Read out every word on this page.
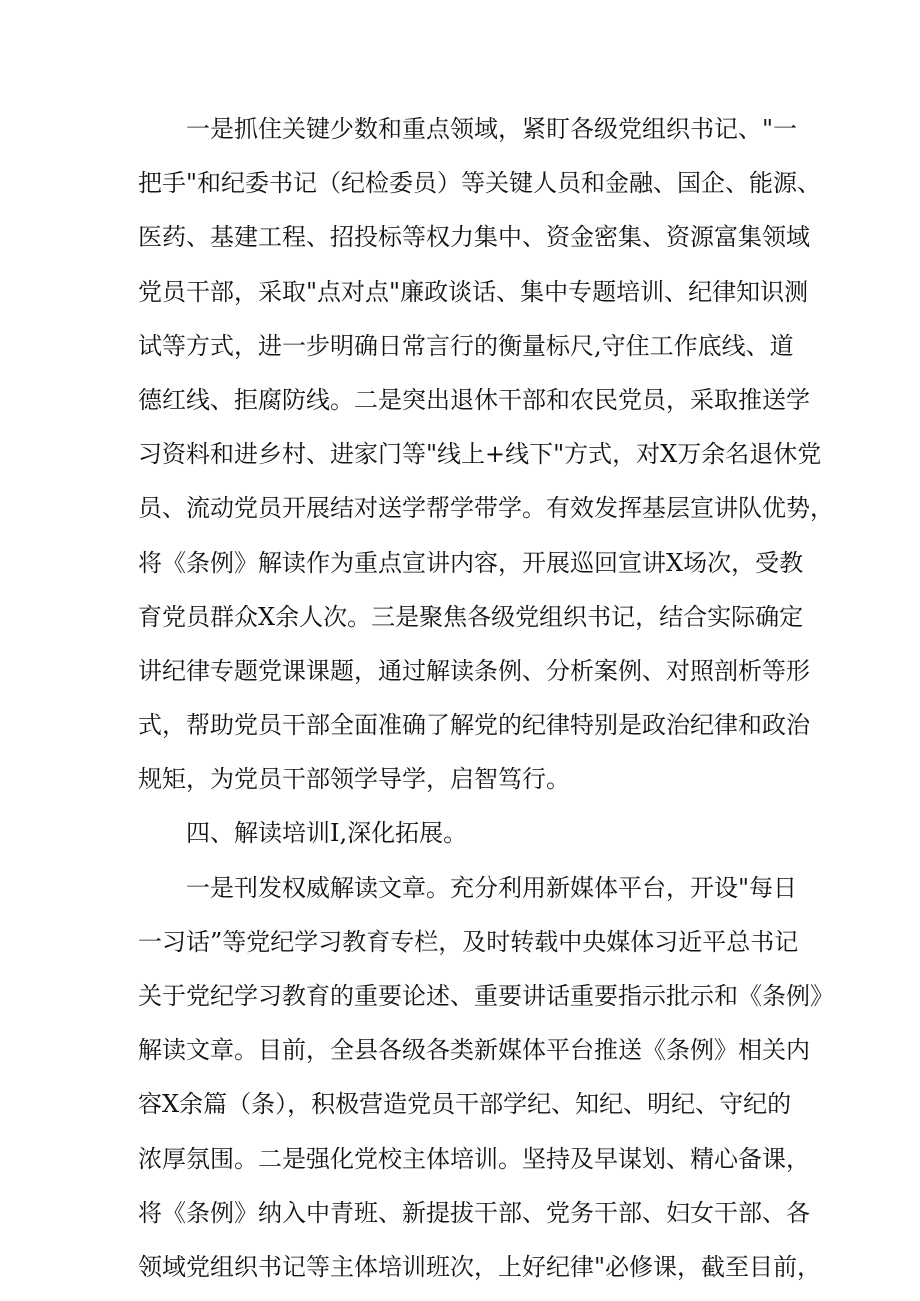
一是抓住关键少数和重点领域，紧盯各级党组织书记、"一
把手"和纪委书记（纪检委员）等关键人员和金融、国企、能源、
医药、基建工程、招投标等权力集中、资金密集、资源富集领域
党员干部，采取"点对点"廉政谈话、集中专题培训、纪律知识测
试等方式，进一步明确日常言行的衡量标尺,守住工作底线、道
德红线、拒腐防线。二是突出退休干部和农民党员，采取推送学
习资料和进乡村、进家门等"线上+线下"方式，对X万余名退休党
员、流动党员开展结对送学帮学带学。有效发挥基层宣讲队优势，
将《条例》解读作为重点宣讲内容，开展巡回宣讲X场次，受教
育党员群众X余人次。三是聚焦各级党组织书记，结合实际确定
讲纪律专题党课课题，通过解读条例、分析案例、对照剖析等形
式，帮助党员干部全面准确了解党的纪律特别是政治纪律和政治
规矩，为党员干部领学导学，启智笃行。
四、解读培训I,深化拓展。
一是刊发权威解读文章。充分利用新媒体平台，开设"每日
一习话”等党纪学习教育专栏，及时转载中央媒体习近平总书记
关于党纪学习教育的重要论述、重要讲话重要指示批示和《条例》
解读文章。目前，全县各级各类新媒体平台推送《条例》相关内
容X余篇（条），积极营造党员干部学纪、知纪、明纪、守纪的
浓厚氛围。二是强化党校主体培训。坚持及早谋划、精心备课，
将《条例》纳入中青班、新提拔干部、党务干部、妇女干部、各
领域党组织书记等主体培训班次，上好纪律"必修课，截至目前，
